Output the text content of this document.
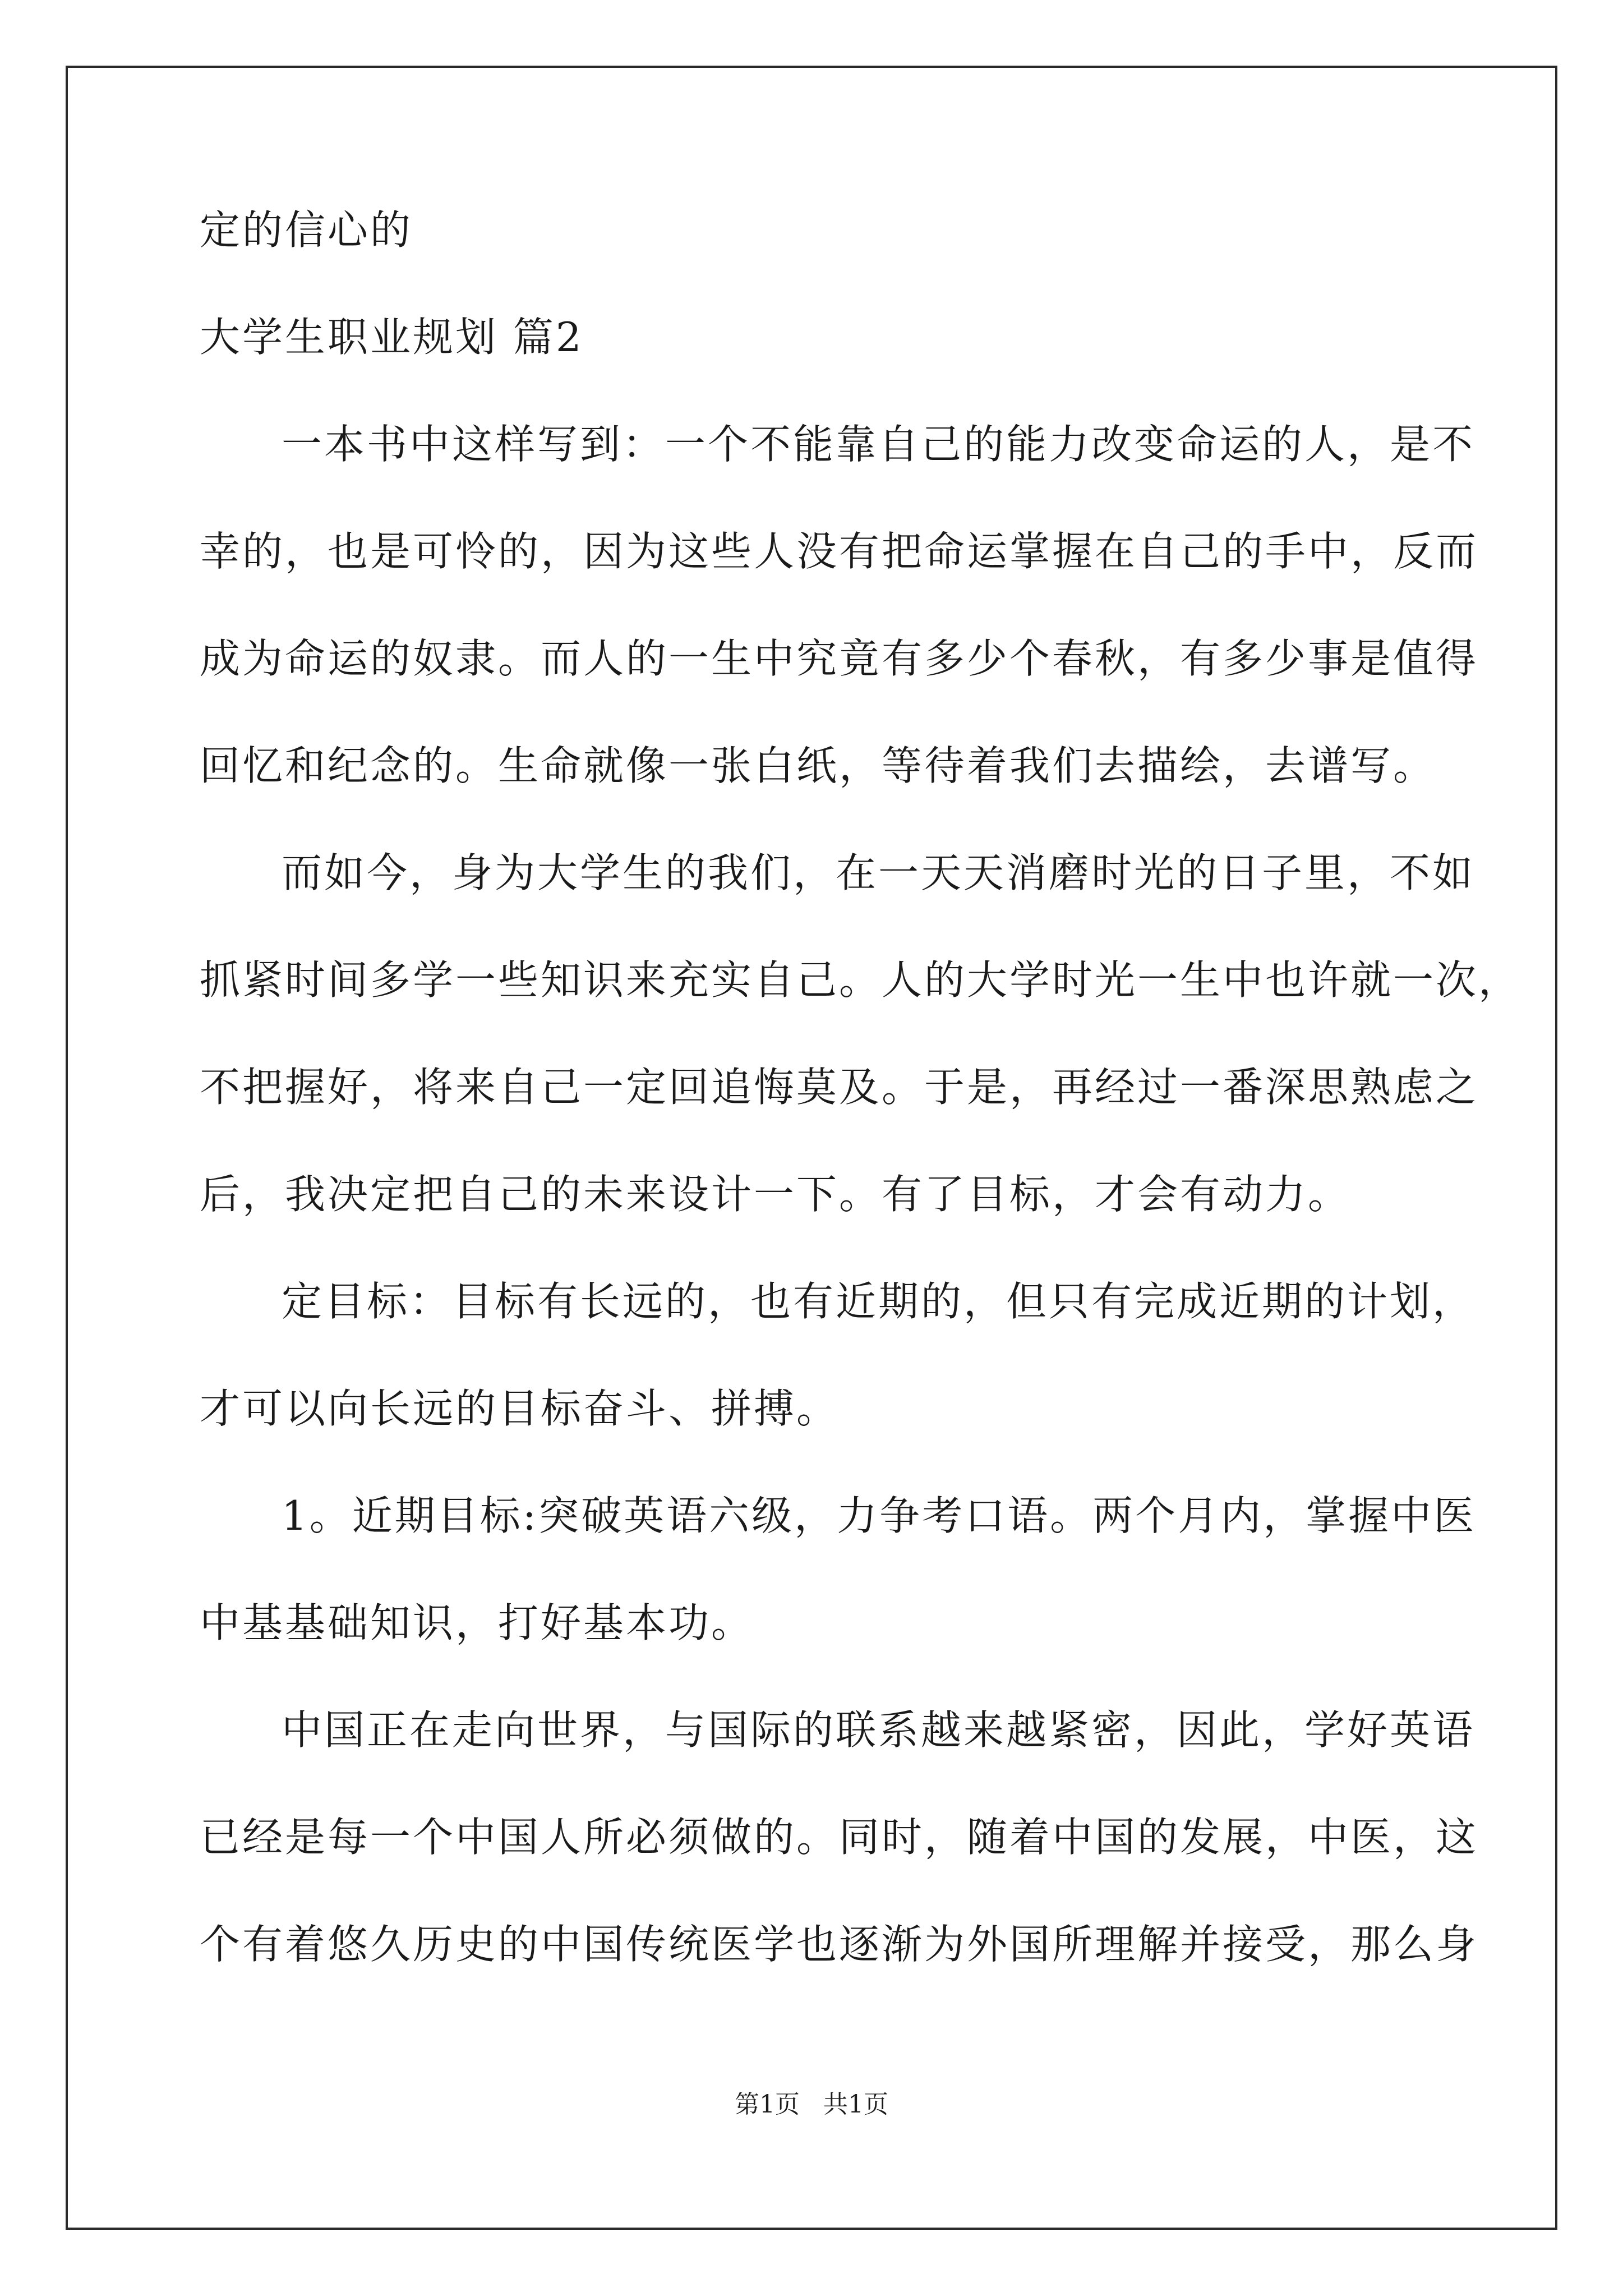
定的信心的
大学生职业规划 篇2
一本书中这样写到：一个不能靠自己的能力改变命运的人，是不
幸的，也是可怜的，因为这些人没有把命运掌握在自己的手中，反而
成为命运的奴隶。而人的一生中究竟有多少个春秋，有多少事是值得
回忆和纪念的。生命就像一张白纸，等待着我们去描绘，去谱写。
而如今，身为大学生的我们，在一天天消磨时光的日子里，不如
抓紧时间多学一些知识来充实自己。人的大学时光一生中也许就一次，
不把握好，将来自己一定回追悔莫及。于是，再经过一番深思熟虑之
后，我决定把自己的未来设计一下。有了目标，才会有动力。
定目标：目标有长远的，也有近期的，但只有完成近期的计划，
才可以向长远的目标奋斗、拼搏。
1。近期目标:突破英语六级，力争考口语。两个月内，掌握中医
中基基础知识，打好基本功。
中国正在走向世界，与国际的联系越来越紧密，因此，学好英语
已经是每一个中国人所必须做的。同时，随着中国的发展，中医，这
个有着悠久历史的中国传统医学也逐渐为外国所理解并接受，那么身
第1页   共1页
